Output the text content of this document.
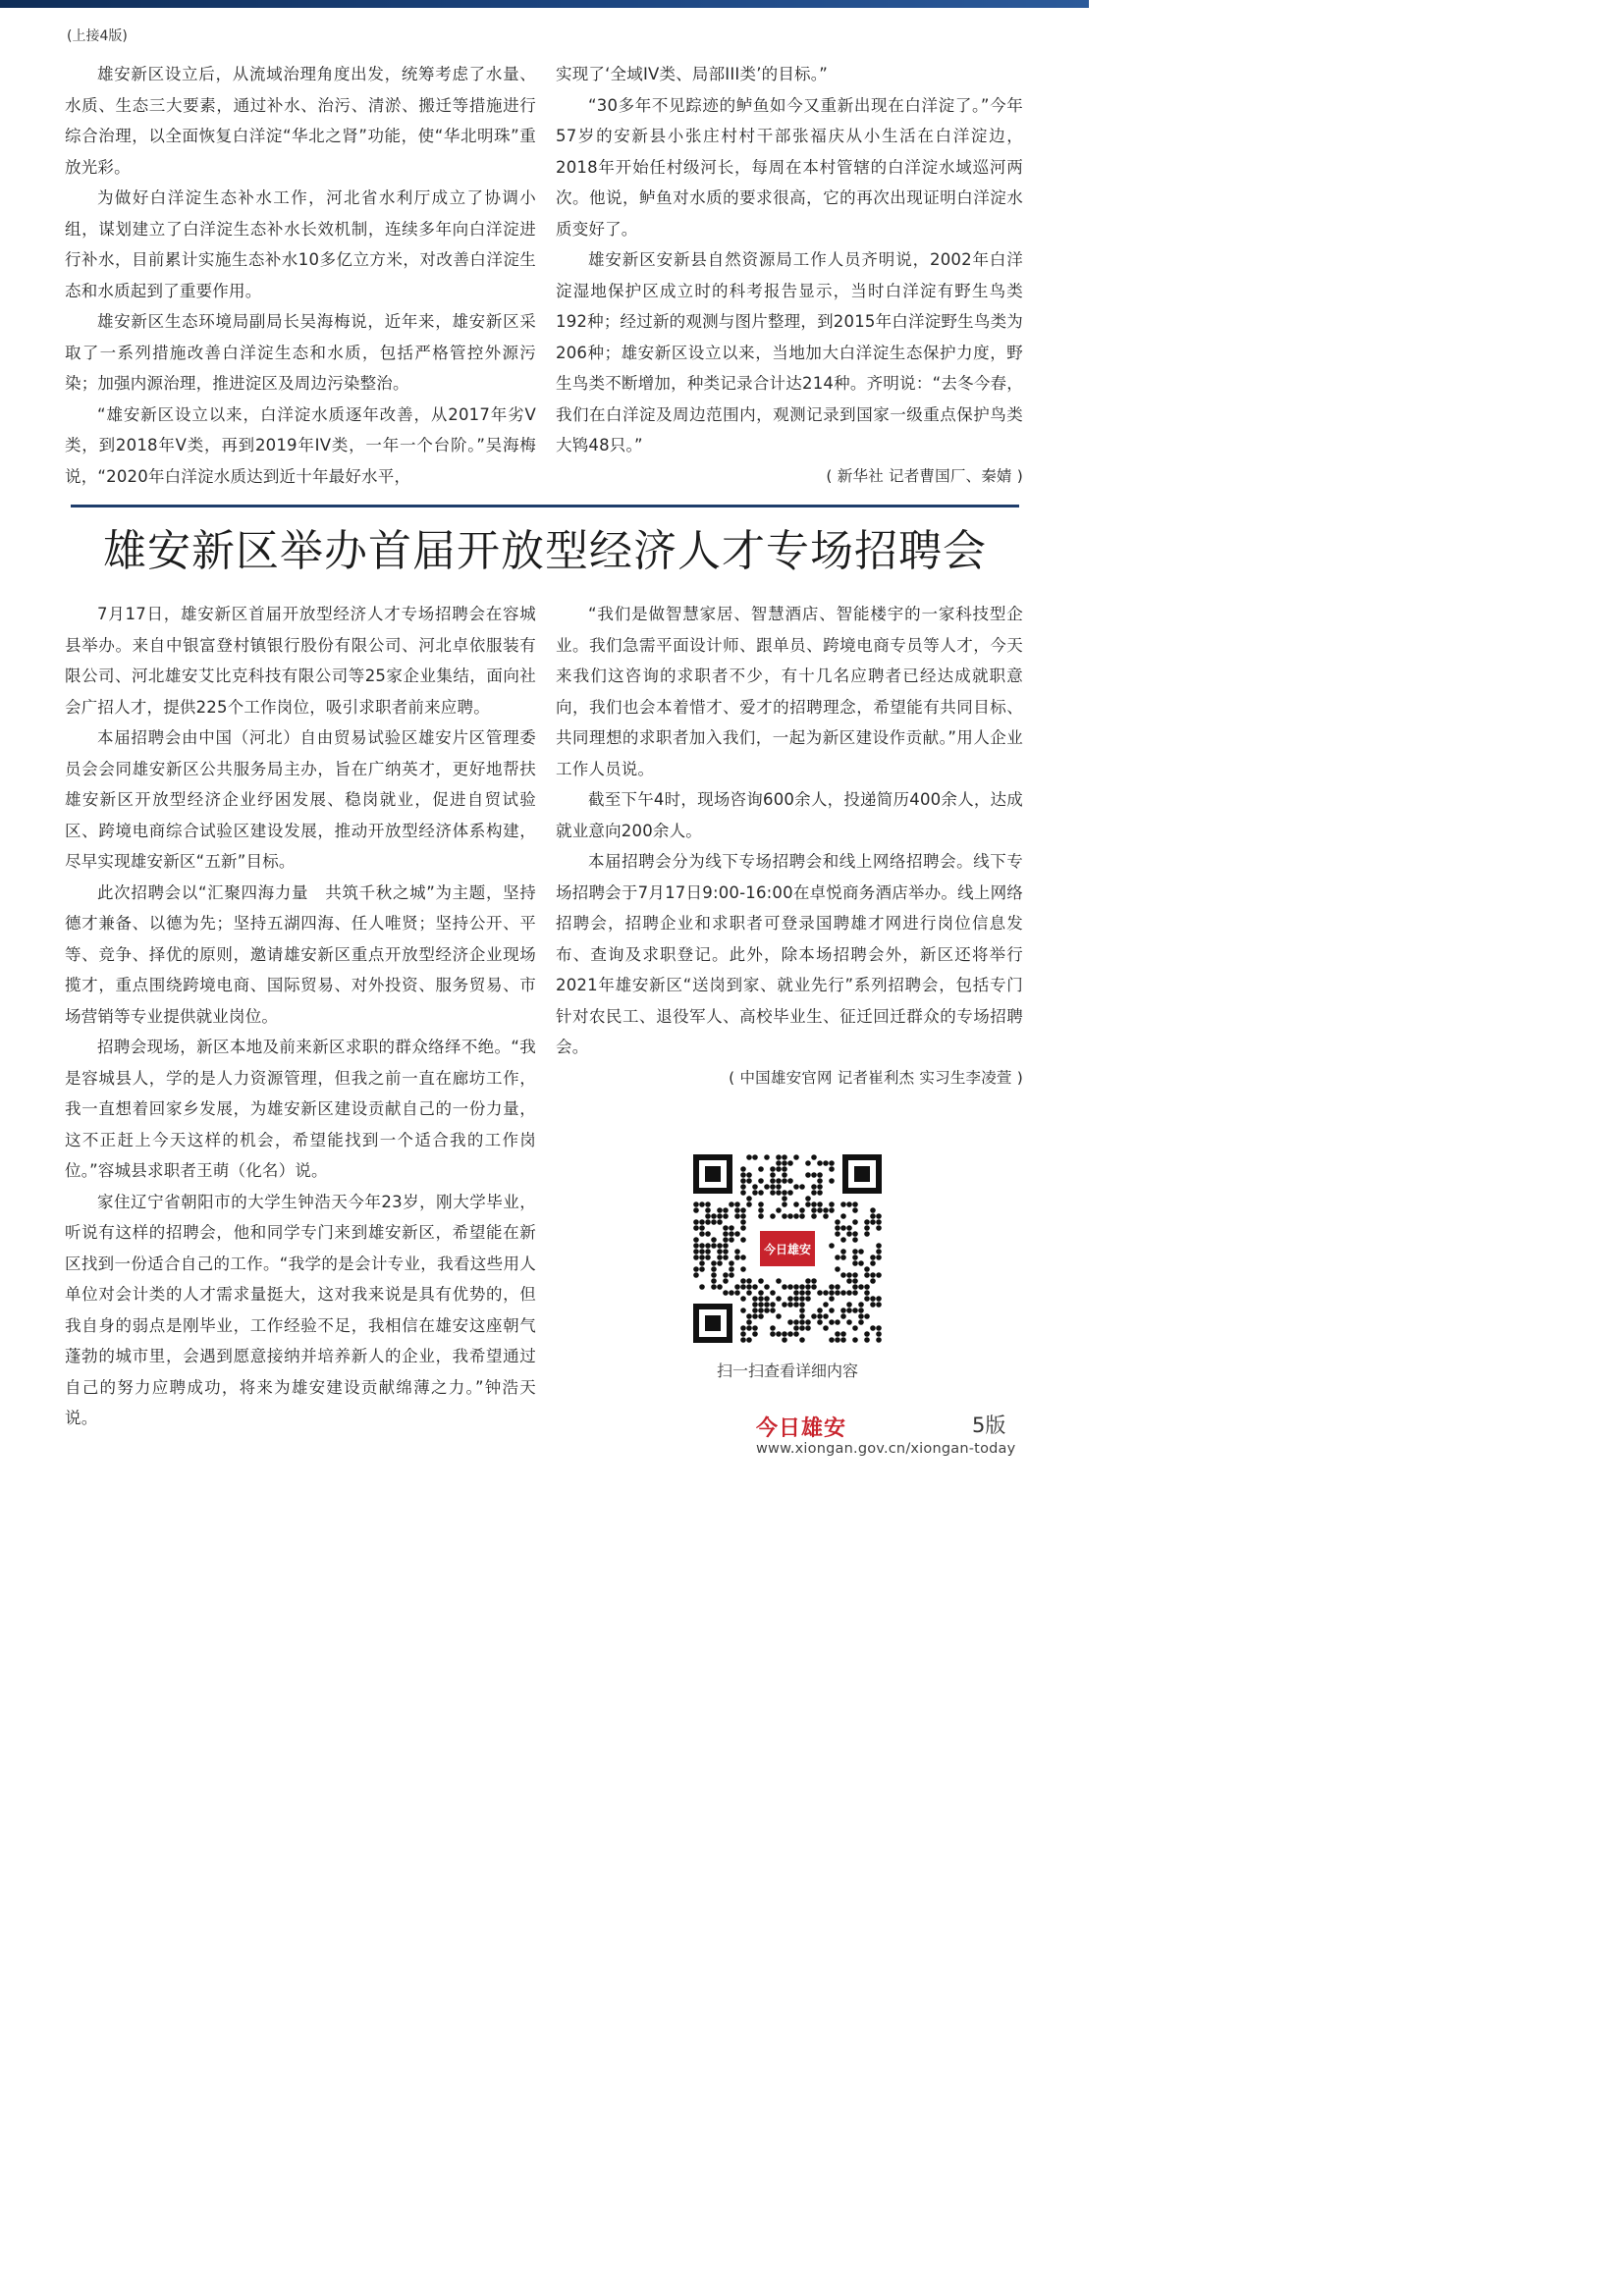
(上接4版)

雄安新区设立后，从流域治理角度出发，统筹考虑了水量、水质、生态三大要素，通过补水、治污、清淤、搬迁等措施进行综合治理，以全面恢复白洋淀“华北之肾”功能，使“华北明珠”重放光彩。

为做好白洋淀生态补水工作，河北省水利厅成立了协调小组，谋划建立了白洋淀生态补水长效机制，连续多年向白洋淀进行补水，目前累计实施生态补水10多亿立方米，对改善白洋淀生态和水质起到了重要作用。

雄安新区生态环境局副局长吴海梅说，近年来，雄安新区采取了一系列措施改善白洋淀生态和水质，包括严格管控外源污染；加强内源治理，推进淀区及周边污染整治。

“雄安新区设立以来，白洋淀水质逐年改善，从2017年劣V类，到2018年V类，再到2019年IV类，一年一个台阶。”吴海梅说，“2020年白洋淀水质达到近十年最好水平，

实现了‘全域IV类、局部III类’的目标。”

“30多年不见踪迹的鲈鱼如今又重新出现在白洋淀了。”今年57岁的安新县小张庄村村干部张福庆从小生活在白洋淀边，2018年开始任村级河长，每周在本村管辖的白洋淀水域巡河两次。他说，鲈鱼对水质的要求很高，它的再次出现证明白洋淀水质变好了。

雄安新区安新县自然资源局工作人员齐明说，2002年白洋淀湿地保护区成立时的科考报告显示，当时白洋淀有野生鸟类192种；经过新的观测与图片整理，到2015年白洋淀野生鸟类为206种；雄安新区设立以来，当地加大白洋淀生态保护力度，野生鸟类不断增加，种类记录合计达214种。齐明说：“去冬今春，我们在白洋淀及周边范围内，观测记录到国家一级重点保护鸟类大鸨48只。”

( 新华社 记者曹国厂、秦婧 )

雄安新区举办首届开放型经济人才专场招聘会

7月17日，雄安新区首届开放型经济人才专场招聘会在容城县举办。来自中银富登村镇银行股份有限公司、河北卓依服装有限公司、河北雄安艾比克科技有限公司等25家企业集结，面向社会广招人才，提供225个工作岗位，吸引求职者前来应聘。

本届招聘会由中国（河北）自由贸易试验区雄安片区管理委员会会同雄安新区公共服务局主办，旨在广纳英才，更好地帮扶雄安新区开放型经济企业纾困发展、稳岗就业，促进自贸试验区、跨境电商综合试验区建设发展，推动开放型经济体系构建，尽早实现雄安新区“五新”目标。

此次招聘会以“汇聚四海力量　共筑千秋之城”为主题，坚持德才兼备、以德为先；坚持五湖四海、任人唯贤；坚持公开、平等、竞争、择优的原则，邀请雄安新区重点开放型经济企业现场揽才，重点围绕跨境电商、国际贸易、对外投资、服务贸易、市场营销等专业提供就业岗位。

招聘会现场，新区本地及前来新区求职的群众络绎不绝。“我是容城县人，学的是人力资源管理，但我之前一直在廊坊工作，我一直想着回家乡发展，为雄安新区建设贡献自己的一份力量，这不正赶上今天这样的机会，希望能找到一个适合我的工作岗位。”容城县求职者王萌（化名）说。

家住辽宁省朝阳市的大学生钟浩天今年23岁，刚大学毕业，听说有这样的招聘会，他和同学专门来到雄安新区，希望能在新区找到一份适合自己的工作。“我学的是会计专业，我看这些用人单位对会计类的人才需求量挺大，这对我来说是具有优势的，但我自身的弱点是刚毕业，工作经验不足，我相信在雄安这座朝气蓬勃的城市里，会遇到愿意接纳并培养新人的企业，我希望通过自己的努力应聘成功，将来为雄安建设贡献绵薄之力。”钟浩天说。

“我们是做智慧家居、智慧酒店、智能楼宇的一家科技型企业。我们急需平面设计师、跟单员、跨境电商专员等人才，今天来我们这咨询的求职者不少，有十几名应聘者已经达成就职意向，我们也会本着惜才、爱才的招聘理念，希望能有共同目标、共同理想的求职者加入我们，一起为新区建设作贡献。”用人企业工作人员说。

截至下午4时，现场咨询600余人，投递简历400余人，达成就业意向200余人。

本届招聘会分为线下专场招聘会和线上网络招聘会。线下专场招聘会于7月17日9:00-16:00在卓悦商务酒店举办。线上网络招聘会，招聘企业和求职者可登录国聘雄才网进行岗位信息发布、查询及求职登记。此外，除本场招聘会外，新区还将举行2021年雄安新区“送岗到家、就业先行”系列招聘会，包括专门针对农民工、退役军人、高校毕业生、征迁回迁群众的专场招聘会。

( 中国雄安官网 记者崔利杰 实习生李凌萱 )

今日雄安
扫一扫查看详细内容
今日雄安	5版
www.xiongan.gov.cn/xiongan-today
